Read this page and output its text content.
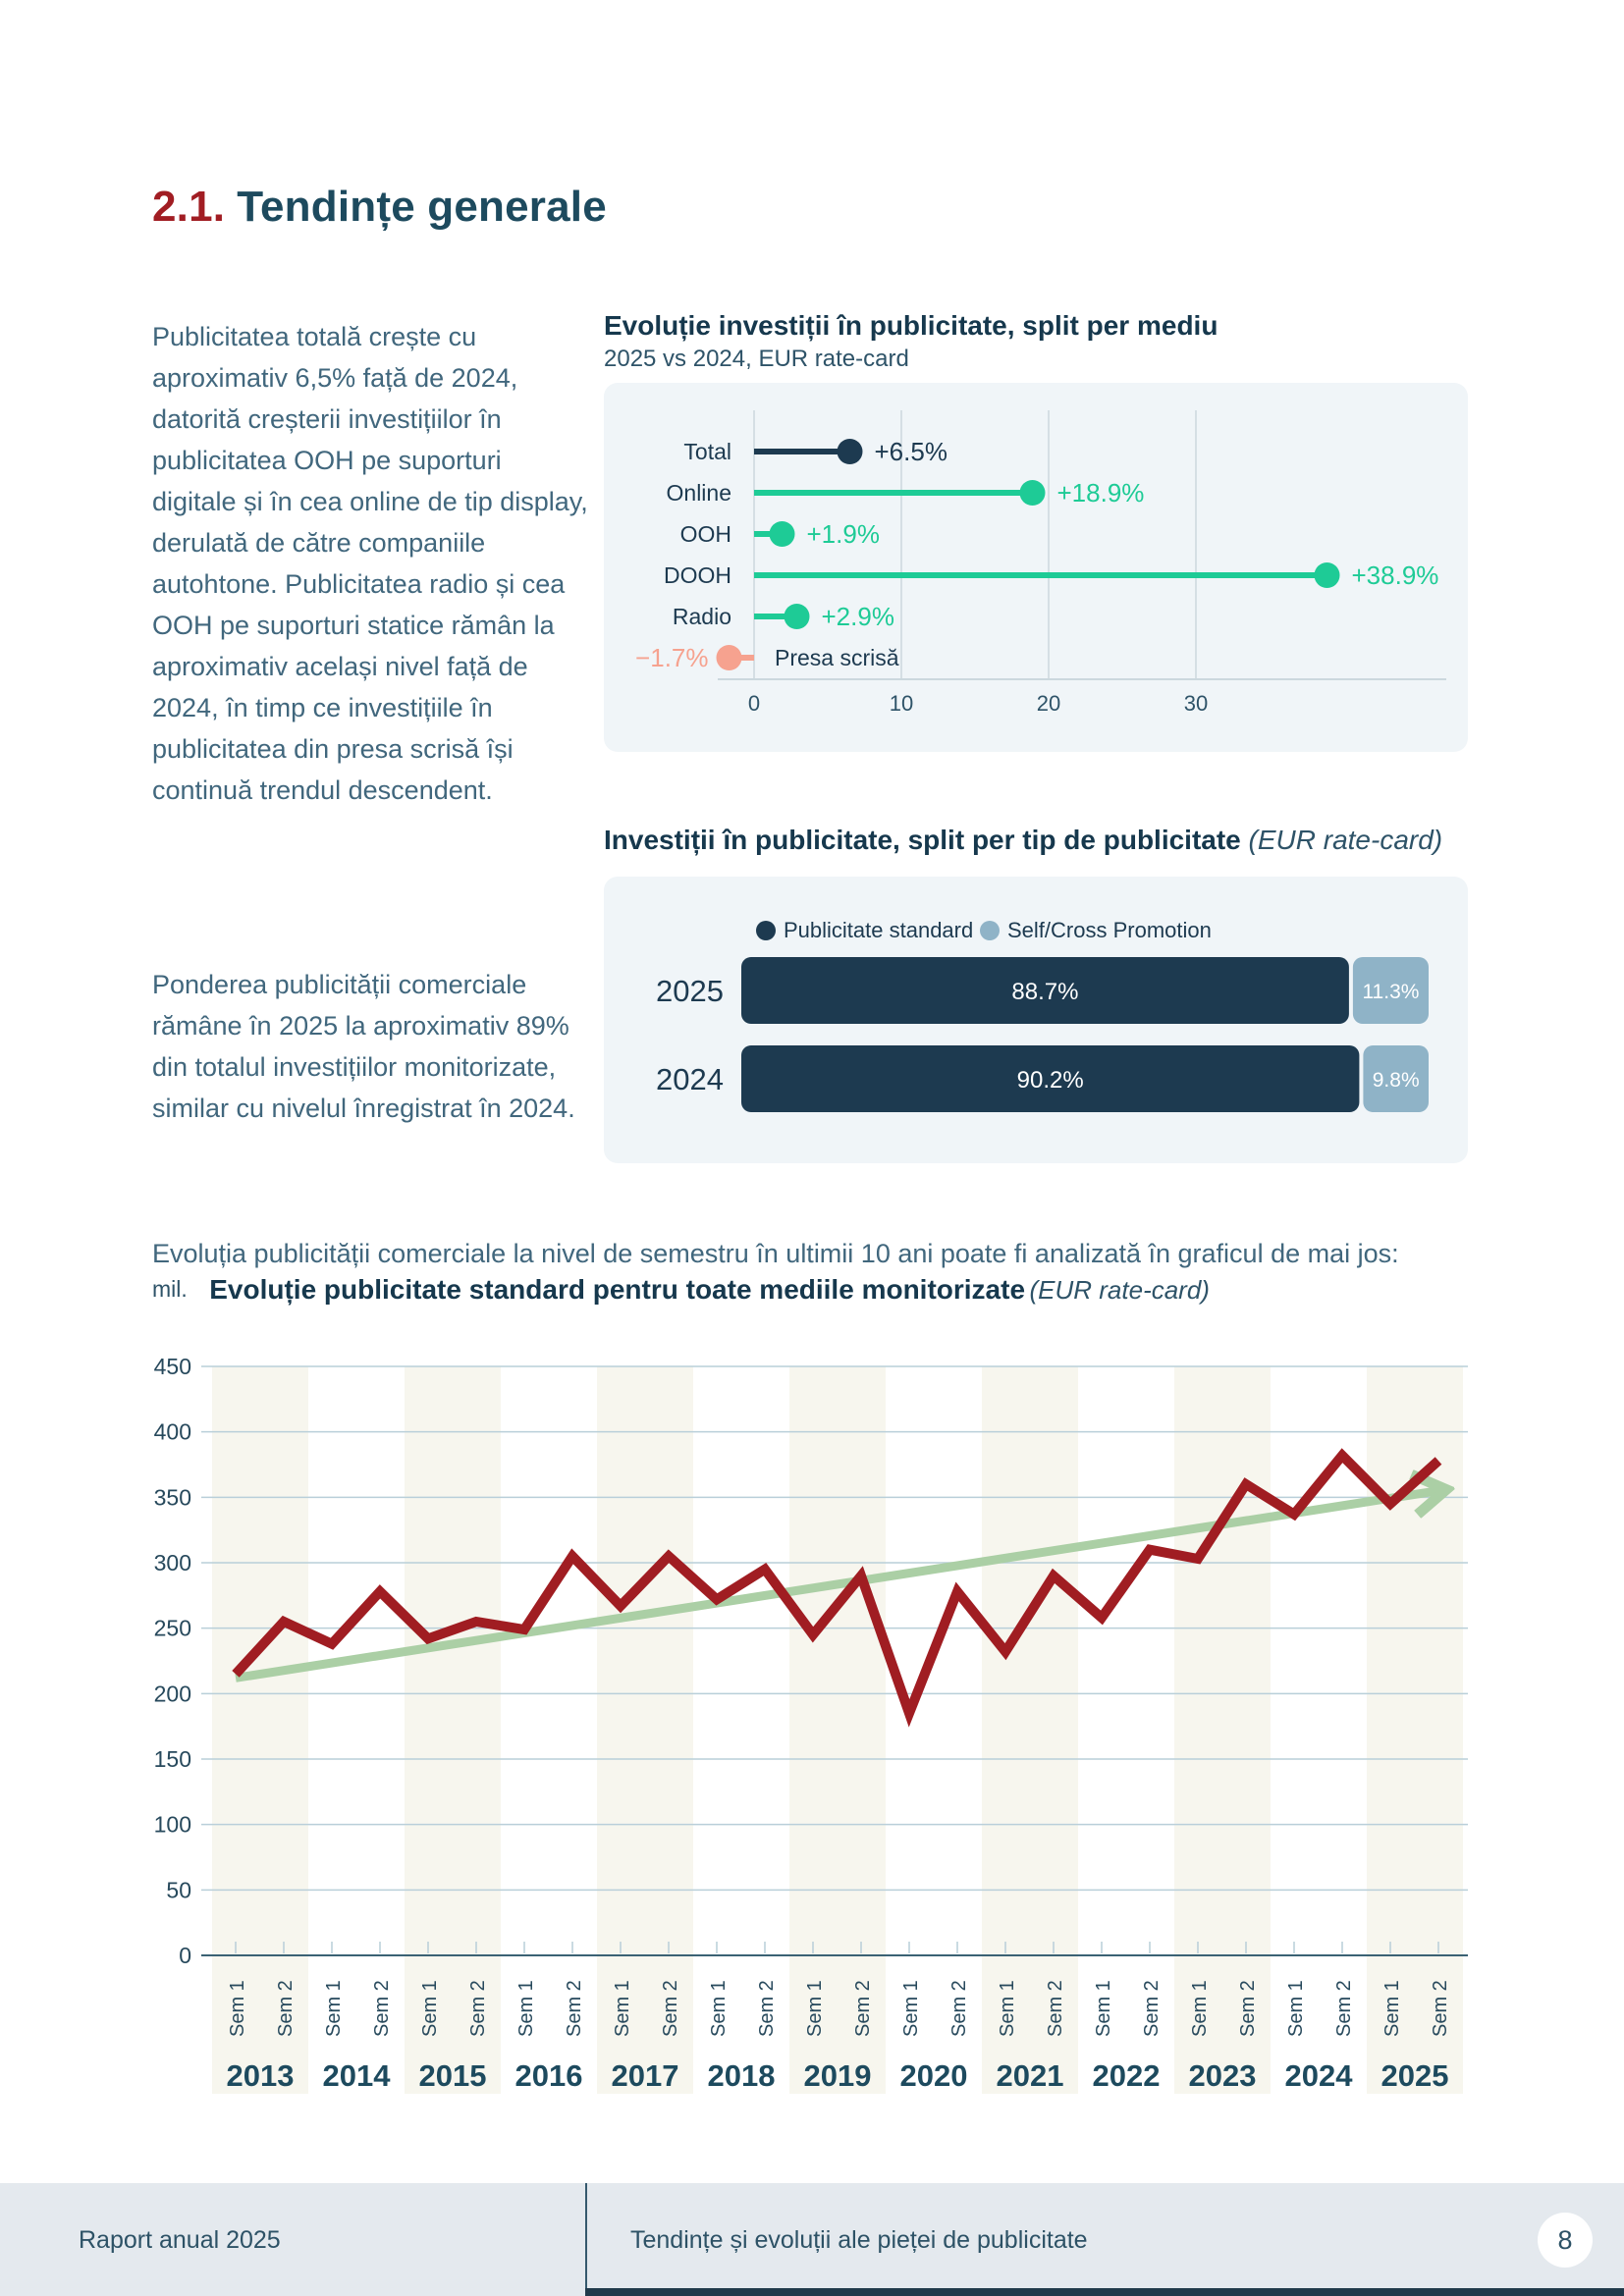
2.1. Tendințe generale

Publicitatea totală crește cu aproximativ 6,5% față de 2024, datorită creșterii investițiilor în publicitatea OOH pe suporturi digitale și în cea online de tip display, derulată de către companiile autohtone. Publicitatea radio și cea OOH pe suporturi statice rămân la aproximativ același nivel față de 2024, în timp ce investițiile în publicitatea din presa scrisă își continuă trendul descendent.

Evoluție investiții în publicitate, split per mediu
2025 vs 2024, EUR rate-card
0	10	20	30
+6.5%
Total
+18.9%
Online
+1.9%
OOH
+38.9%
DOOH
+2.9%
Radio
−1.7%	Presa scrisă

Ponderea publicității comerciale rămâne în 2025 la aproximativ 89% din totalul investițiilor monitorizate, similar cu nivelul înregistrat în 2024.

Investiții în publicitate, split per tip de publicitate (EUR rate-card)
Publicitate standard Self/Cross Promotion
2025	88.7%	11.3%
2024	90.2%	9.8%

Evoluția publicității comerciale la nivel de semestru în ultimii 10 ani poate fi analizată în graficul de mai jos:

mil. Evoluție publicitate standard pentru toate mediile monitorizate (EUR rate-card)
0
50
100
150
200
250
300
350
400
450
Sem 1 Sem 2 Sem 1 Sem 2 Sem 1 Sem 2 Sem 1 Sem 2 Sem 1 Sem 2 Sem 1 Sem 2 Sem 1 Sem 2 Sem 1 Sem 2 Sem 1 Sem 2 Sem 1 Sem 2 Sem 1 Sem 2 Sem 1 Sem 2 Sem 1 Sem 2
2013 2014 2015 2016 2017 2018 2019 2020 2021 2022 2023 2024 2025
Raport anual 2025	Tendințe și evoluții ale pieței de publicitate	8
